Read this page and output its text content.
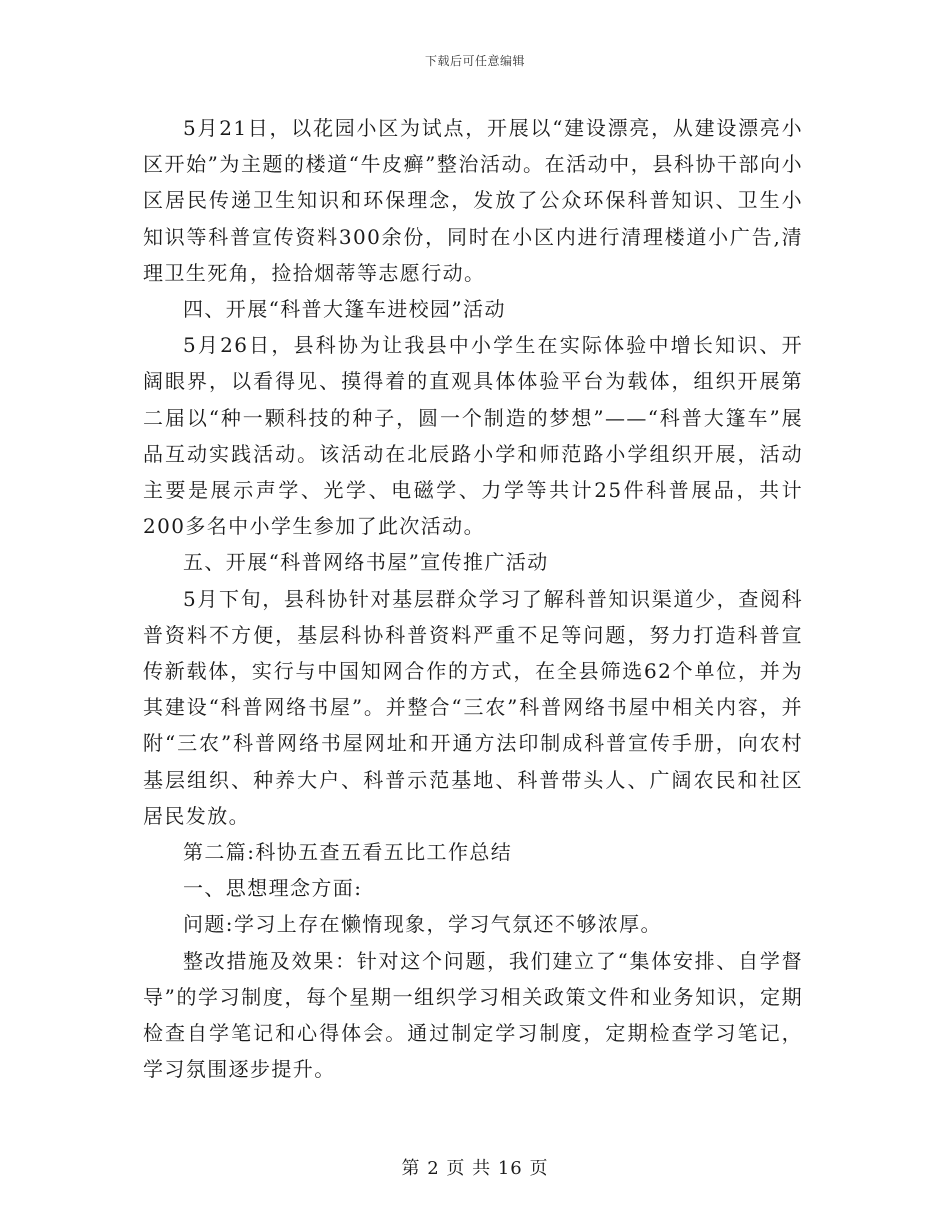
下载后可任意编辑

5月21日，以花园小区为试点，开展以“建设漂亮，从建设漂亮小区开始”为主题的楼道“牛皮癣”整治活动。在活动中，县科协干部向小区居民传递卫生知识和环保理念，发放了公众环保科普知识、卫生小知识等科普宣传资料300余份，同时在小区内进行清理楼道小广告,清理卫生死角，捡拾烟蒂等志愿行动。

四、开展“科普大篷车进校园”活动

5月26日，县科协为让我县中小学生在实际体验中增长知识、开阔眼界，以看得见、摸得着的直观具体体验平台为载体，组织开展第二届以“种一颗科技的种子，圆一个制造的梦想”——“科普大篷车”展品互动实践活动。该活动在北辰路小学和师范路小学组织开展，活动主要是展示声学、光学、电磁学、力学等共计25件科普展品，共计200多名中小学生参加了此次活动。

五、开展“科普网络书屋”宣传推广活动

5月下旬，县科协针对基层群众学习了解科普知识渠道少，查阅科普资料不方便，基层科协科普资料严重不足等问题，努力打造科普宣传新载体，实行与中国知网合作的方式，在全县筛选62个单位，并为其建设“科普网络书屋”。并整合“三农”科普网络书屋中相关内容，并附“三农”科普网络书屋网址和开通方法印制成科普宣传手册，向农村基层组织、种养大户、科普示范基地、科普带头人、广阔农民和社区居民发放。

第二篇:科协五查五看五比工作总结

一、思想理念方面:

问题:学习上存在懒惰现象，学习气氛还不够浓厚。

整改措施及效果：针对这个问题，我们建立了“集体安排、自学督导”的学习制度，每个星期一组织学习相关政策文件和业务知识，定期检查自学笔记和心得体会。通过制定学习制度，定期检查学习笔记，学习氛围逐步提升。

第 2 页 共 16 页
